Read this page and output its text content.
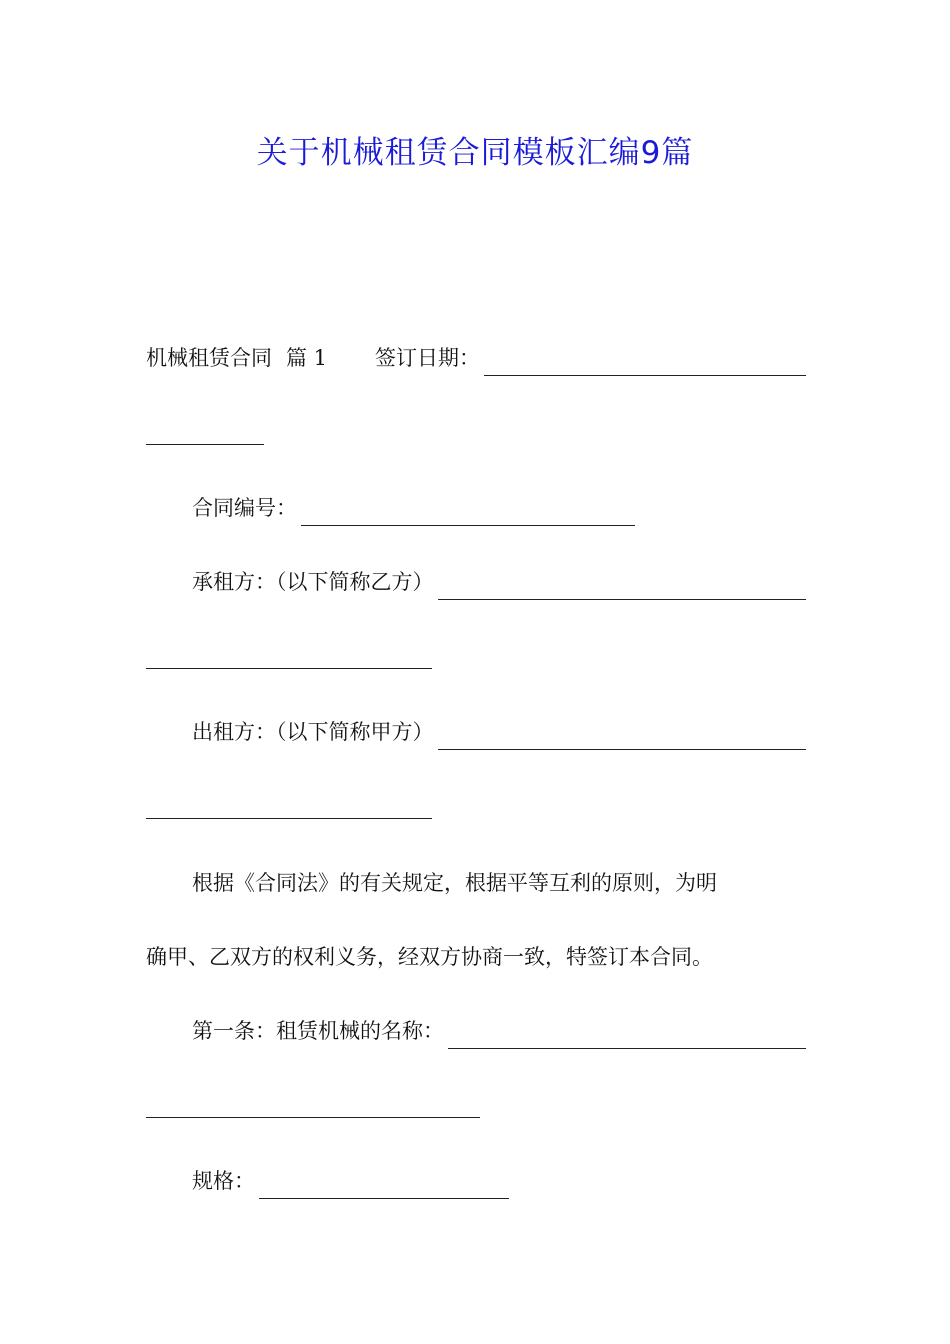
关于机械租赁合同模板汇编9篇
机械租赁合同 篇 1 签订日期：
合同编号：
承租方：（以下简称乙方）
出租方：（以下简称甲方）
根据《合同法》的有关规定，根据平等互利的原则，为明
确甲、乙双方的权利义务，经双方协商一致，特签订本合同。
第一条：租赁机械的名称：
规格：
